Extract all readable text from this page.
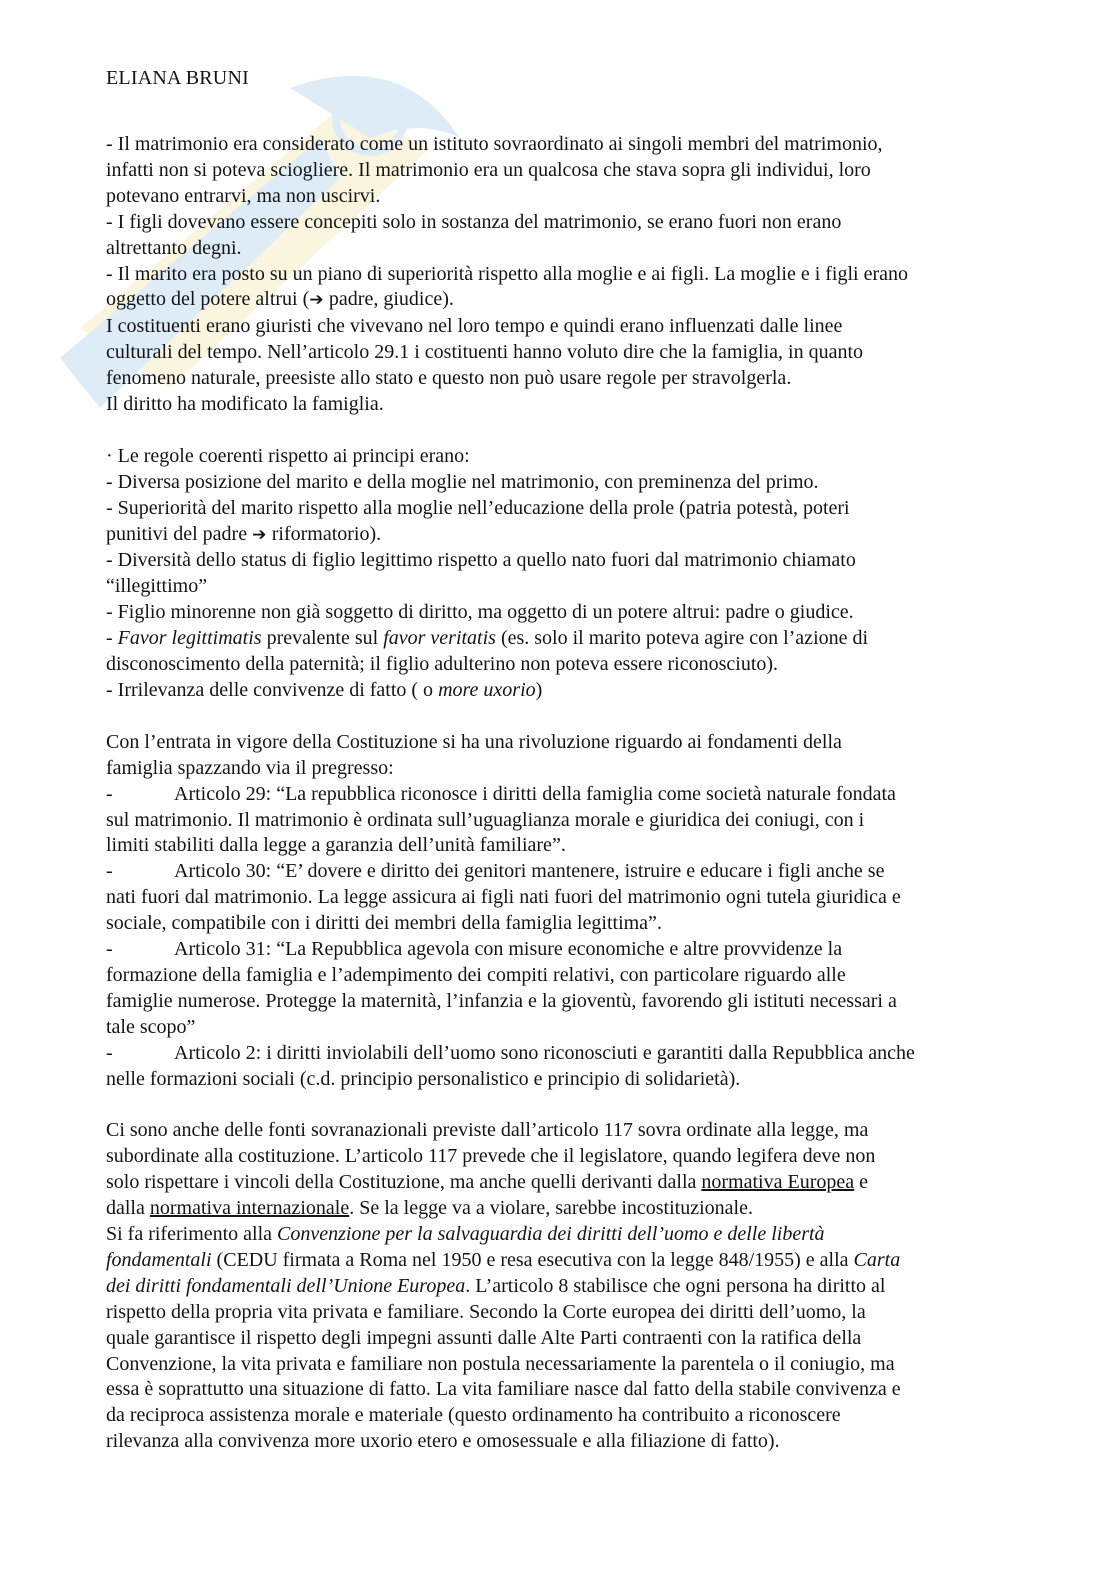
ELIANA BRUNI

- Il matrimonio era considerato come un istituto sovraordinato ai singoli membri del matrimonio,

infatti non si poteva sciogliere. Il matrimonio era un qualcosa che stava sopra gli individui, loro

potevano entrarvi, ma non uscirvi.

- I figli dovevano essere concepiti solo in sostanza del matrimonio, se erano fuori non erano

altrettanto degni.

- Il marito era posto su un piano di superiorità rispetto alla moglie e ai figli. La moglie e i figli erano

oggetto del potere altrui (➔ padre, giudice).

I costituenti erano giuristi che vivevano nel loro tempo e quindi erano influenzati dalle linee

culturali del tempo. Nell’articolo 29.1 i costituenti hanno voluto dire che la famiglia, in quanto

fenomeno naturale, preesiste allo stato e questo non può usare regole per stravolgerla.

Il diritto ha modificato la famiglia.

· Le regole coerenti rispetto ai principi erano:

- Diversa posizione del marito e della moglie nel matrimonio, con preminenza del primo.

- Superiorità del marito rispetto alla moglie nell’educazione della prole (patria potestà, poteri

punitivi del padre ➔ riformatorio).

- Diversità dello status di figlio legittimo rispetto a quello nato fuori dal matrimonio chiamato

“illegittimo”

- Figlio minorenne non già soggetto di diritto, ma oggetto di un potere altrui: padre o giudice.

- Favor legittimatis prevalente sul favor veritatis (es. solo il marito poteva agire con l’azione di

disconoscimento della paternità; il figlio adulterino non poteva essere riconosciuto).

- Irrilevanza delle convivenze di fatto ( o more uxorio)

Con l’entrata in vigore della Costituzione si ha una rivoluzione riguardo ai fondamenti della

famiglia spazzando via il pregresso:

-	Articolo 29: “La repubblica riconosce i diritti della famiglia come società naturale fondata

sul matrimonio. Il matrimonio è ordinata sull’uguaglianza morale e giuridica dei coniugi, con i

limiti stabiliti dalla legge a garanzia dell’unità familiare”.

-	Articolo 30: “E’ dovere e diritto dei genitori mantenere, istruire e educare i figli anche se

nati fuori dal matrimonio. La legge assicura ai figli nati fuori del matrimonio ogni tutela giuridica e

sociale, compatibile con i diritti dei membri della famiglia legittima”.

-	Articolo 31: “La Repubblica agevola con misure economiche e altre provvidenze la

formazione della famiglia e l’adempimento dei compiti relativi, con particolare riguardo alle

famiglie numerose. Protegge la maternità, l’infanzia e la gioventù, favorendo gli istituti necessari a

tale scopo”

-	Articolo 2: i diritti inviolabili dell’uomo sono riconosciuti e garantiti dalla Repubblica anche

nelle formazioni sociali (c.d. principio personalistico e principio di solidarietà).

Ci sono anche delle fonti sovranazionali previste dall’articolo 117 sovra ordinate alla legge, ma

subordinate alla costituzione. L’articolo 117 prevede che il legislatore, quando legifera deve non

solo rispettare i vincoli della Costituzione, ma anche quelli derivanti dalla normativa Europea e

dalla normativa internazionale. Se la legge va a violare, sarebbe incostituzionale.

Si fa riferimento alla Convenzione per la salvaguardia dei diritti dell’uomo e delle libertà

fondamentali (CEDU firmata a Roma nel 1950 e resa esecutiva con la legge 848/1955) e alla Carta

dei diritti fondamentali dell’Unione Europea. L’articolo 8 stabilisce che ogni persona ha diritto al

rispetto della propria vita privata e familiare. Secondo la Corte europea dei diritti dell’uomo, la

quale garantisce il rispetto degli impegni assunti dalle Alte Parti contraenti con la ratifica della

Convenzione, la vita privata e familiare non postula necessariamente la parentela o il coniugio, ma

essa è soprattutto una situazione di fatto. La vita familiare nasce dal fatto della stabile convivenza e

da reciproca assistenza morale e materiale (questo ordinamento ha contribuito a riconoscere

rilevanza alla convivenza more uxorio etero e omosessuale e alla filiazione di fatto).
